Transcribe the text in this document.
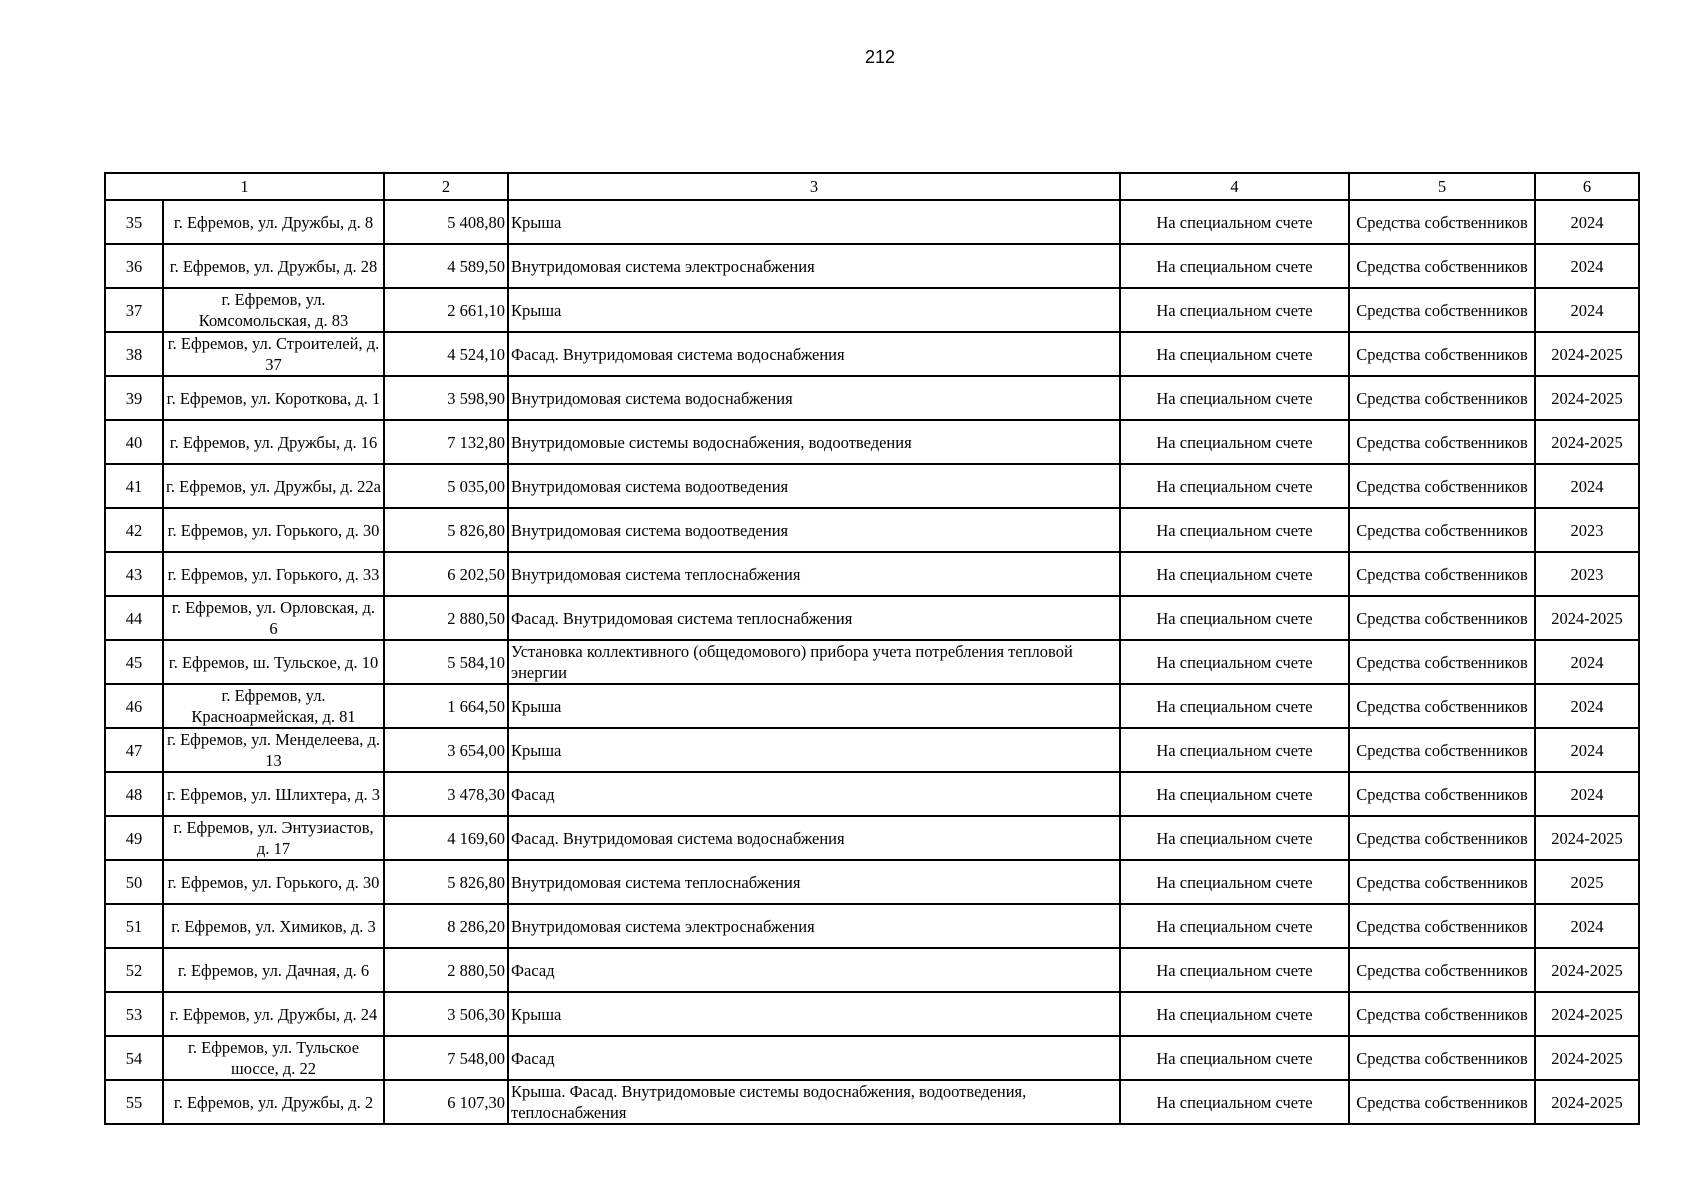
212
1		2	3	4	5	6
35	г. Ефремов, ул. Дружбы, д. 8	5 408,80	Крыша	На специальном счете	Средства собственников	2024
36	г. Ефремов, ул. Дружбы, д. 28	4 589,50	Внутридомовая система электроснабжения	На специальном счете	Средства собственников	2024
37	г. Ефремов, ул. Комсомольская, д. 83	2 661,10	Крыша	На специальном счете	Средства собственников	2024
38	г. Ефремов, ул. Строителей, д. 37	4 524,10	Фасад. Внутридомовая система водоснабжения	На специальном счете	Средства собственников	2024-2025
39	г. Ефремов, ул. Короткова, д. 1	3 598,90	Внутридомовая система водоснабжения	На специальном счете	Средства собственников	2024-2025
40	г. Ефремов, ул. Дружбы, д. 16	7 132,80	Внутридомовые системы водоснабжения, водоотведения	На специальном счете	Средства собственников	2024-2025
41	г. Ефремов, ул. Дружбы, д. 22а	5 035,00	Внутридомовая система водоотведения	На специальном счете	Средства собственников	2024
42	г. Ефремов, ул. Горького, д. 30	5 826,80	Внутридомовая система водоотведения	На специальном счете	Средства собственников	2023
43	г. Ефремов, ул. Горького, д. 33	6 202,50	Внутридомовая система теплоснабжения	На специальном счете	Средства собственников	2023
44	г. Ефремов, ул. Орловская, д. 6	2 880,50	Фасад. Внутридомовая система теплоснабжения	На специальном счете	Средства собственников	2024-2025
45	г. Ефремов, ш. Тульское, д. 10	5 584,10	Установка коллективного (общедомового) прибора учета потребления тепловой энергии	На специальном счете	Средства собственников	2024
46	г. Ефремов, ул. Красноармейская, д. 81	1 664,50	Крыша	На специальном счете	Средства собственников	2024
47	г. Ефремов, ул. Менделеева, д. 13	3 654,00	Крыша	На специальном счете	Средства собственников	2024
48	г. Ефремов, ул. Шлихтера, д. 3	3 478,30	Фасад	На специальном счете	Средства собственников	2024
49	г. Ефремов, ул. Энтузиастов, д. 17	4 169,60	Фасад. Внутридомовая система водоснабжения	На специальном счете	Средства собственников	2024-2025
50	г. Ефремов, ул. Горького, д. 30	5 826,80	Внутридомовая система теплоснабжения	На специальном счете	Средства собственников	2025
51	г. Ефремов, ул. Химиков, д. 3	8 286,20	Внутридомовая система электроснабжения	На специальном счете	Средства собственников	2024
52	г. Ефремов, ул. Дачная, д. 6	2 880,50	Фасад	На специальном счете	Средства собственников	2024-2025
53	г. Ефремов, ул. Дружбы, д. 24	3 506,30	Крыша	На специальном счете	Средства собственников	2024-2025
54	г. Ефремов, ул. Тульское шоссе, д. 22	7 548,00	Фасад	На специальном счете	Средства собственников	2024-2025
55	г. Ефремов, ул. Дружбы, д. 2	6 107,30	Крыша. Фасад. Внутридомовые системы водоснабжения, водоотведения, теплоснабжения	На специальном счете	Средства собственников	2024-2025
